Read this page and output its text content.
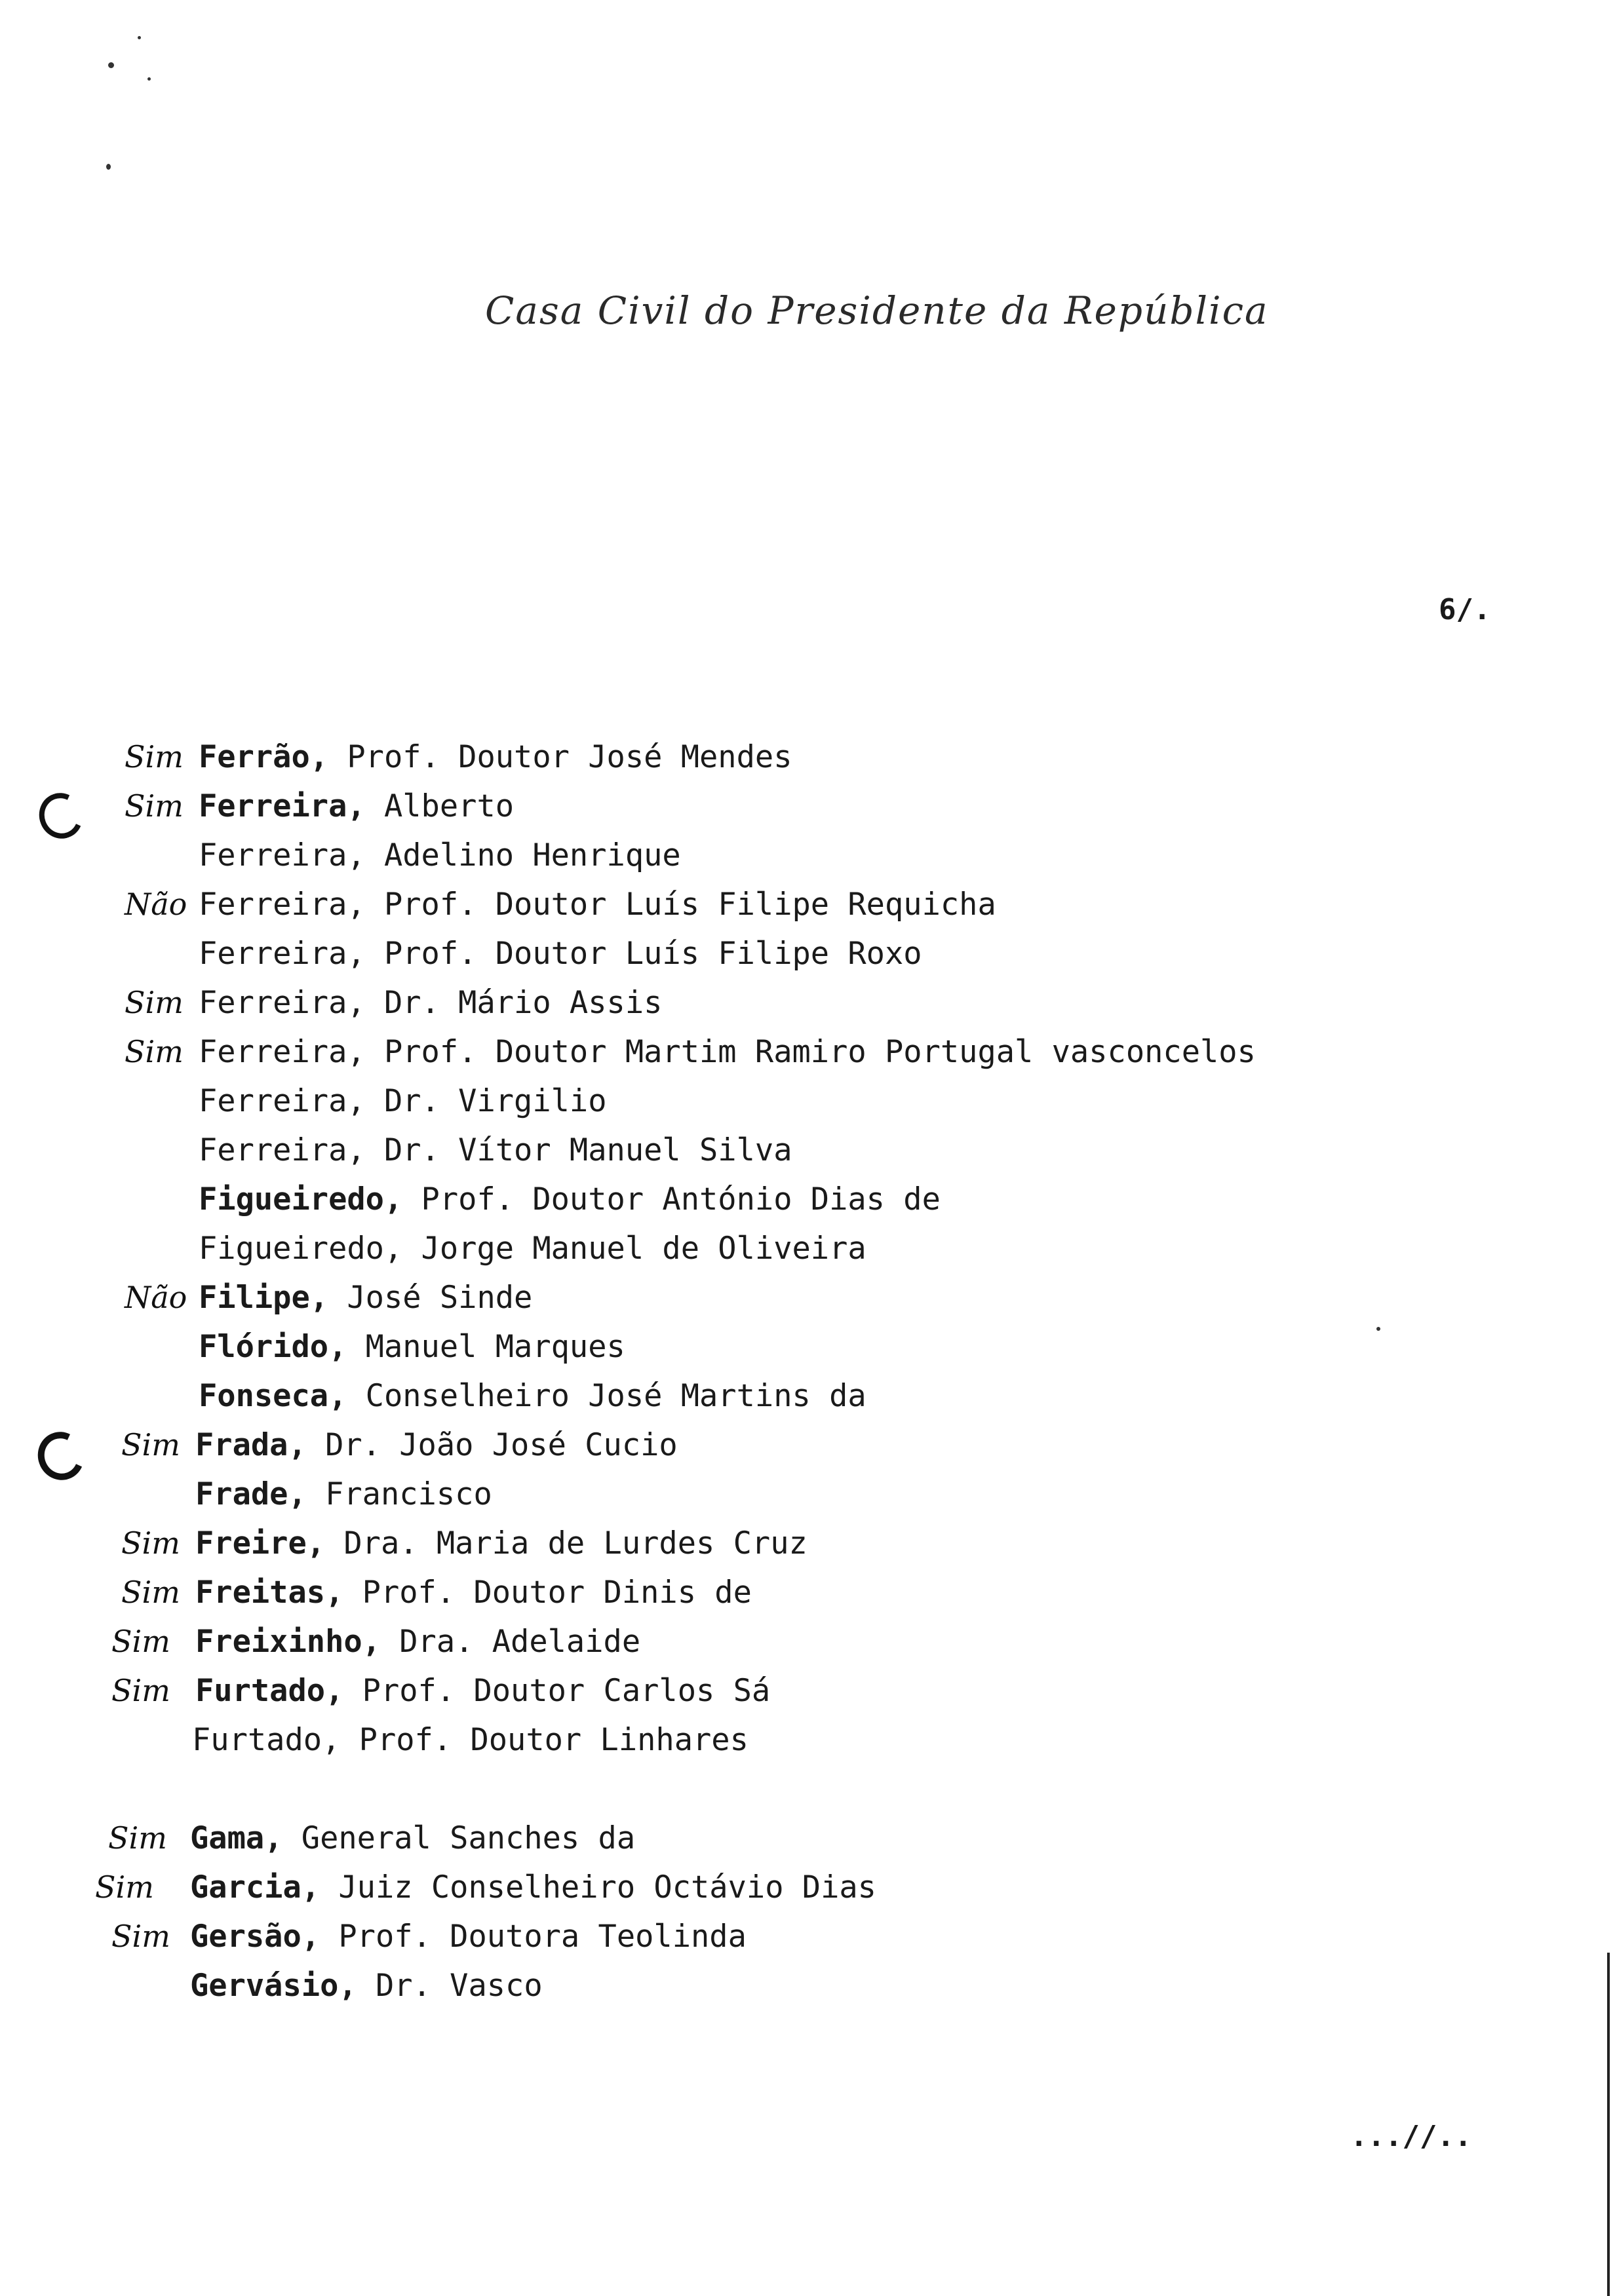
Casa Civil do Presidente da República
6/.
Sim Ferrão, Prof. Doutor José Mendes
Sim Ferreira, Alberto
Ferreira, Adelino Henrique
Não Ferreira, Prof. Doutor Luís Filipe Requicha
Ferreira, Prof. Doutor Luís Filipe Roxo
Sim Ferreira, Dr. Mário Assis
Sim Ferreira, Prof. Doutor Martim Ramiro Portugal vasconcelos
Ferreira, Dr. Virgilio
Ferreira, Dr. Vítor Manuel Silva
Figueiredo, Prof. Doutor António Dias de
Figueiredo, Jorge Manuel de Oliveira
Não Filipe, José Sinde
Flórido, Manuel Marques
Fonseca, Conselheiro José Martins da
Sim Frada, Dr. João José Cucio
Frade, Francisco
Sim Freire, Dra. Maria de Lurdes Cruz
Sim Freitas, Prof. Doutor Dinis de
Sim Freixinho, Dra. Adelaide
Sim Furtado, Prof. Doutor Carlos Sá
Furtado, Prof. Doutor Linhares
Sim Gama, General Sanches da
Sim Garcia, Juiz Conselheiro Octávio Dias
Sim Gersão, Prof. Doutora Teolinda
Gervásio, Dr. Vasco
...//..
